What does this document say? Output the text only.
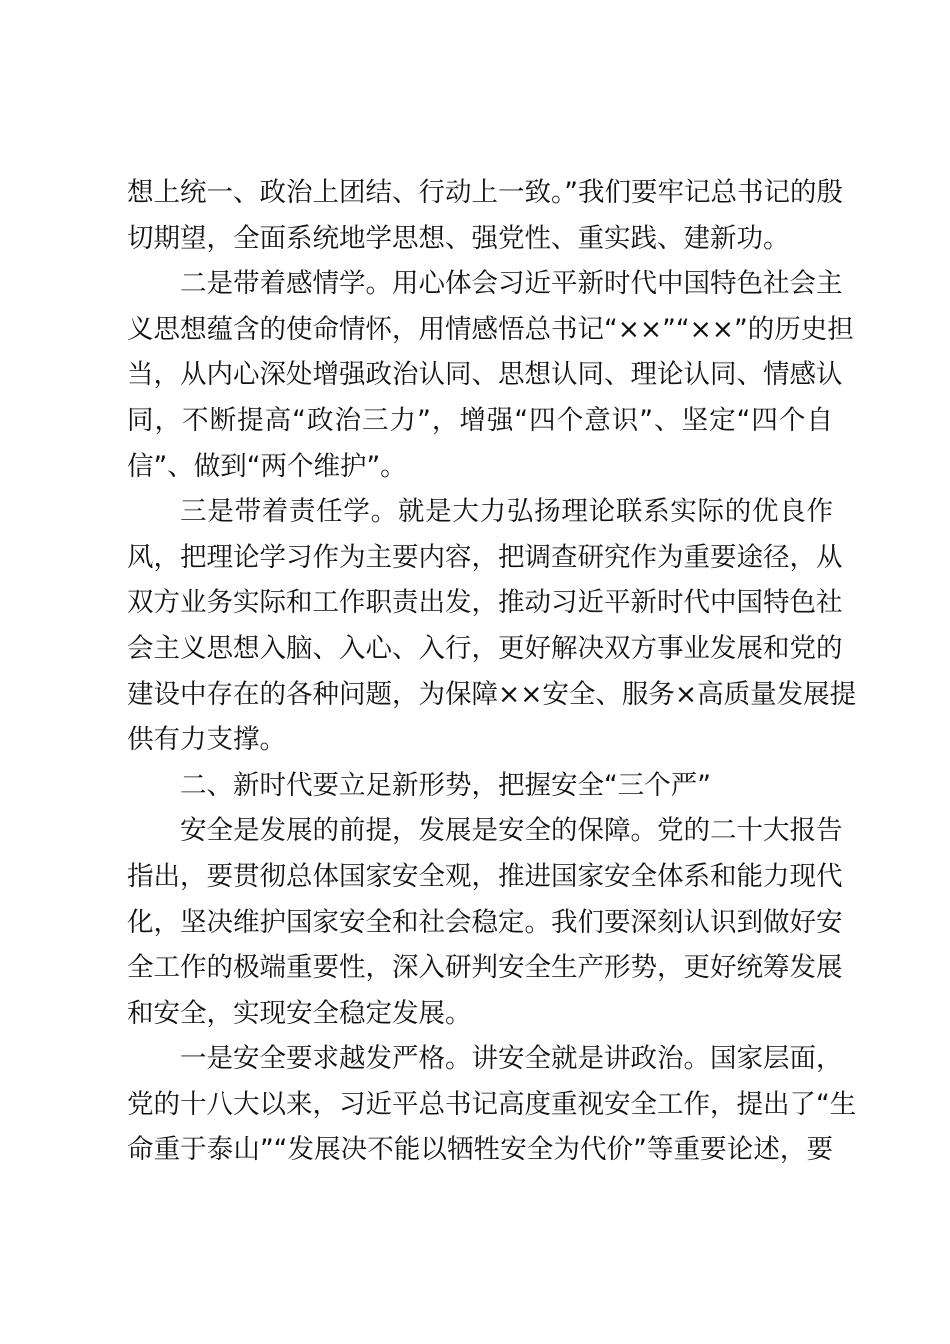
想上统一、政治上团结、行动上一致。”我们要牢记总书记的殷
切期望，全面系统地学思想、强党性、重实践、建新功。
二是带着感情学。用心体会习近平新时代中国特色社会主
义思想蕴含的使命情怀，用情感悟总书记“××”“××”的历史担
当，从内心深处增强政治认同、思想认同、理论认同、情感认
同，不断提高“政治三力”，增强“四个意识”、坚定“四个自
信”、做到“两个维护”。
三是带着责任学。就是大力弘扬理论联系实际的优良作
风，把理论学习作为主要内容，把调查研究作为重要途径，从
双方业务实际和工作职责出发，推动习近平新时代中国特色社
会主义思想入脑、入心、入行，更好解决双方事业发展和党的
建设中存在的各种问题，为保障××安全、服务×高质量发展提
供有力支撑。
二、新时代要立足新形势，把握安全“三个严”
安全是发展的前提，发展是安全的保障。党的二十大报告
指出，要贯彻总体国家安全观，推进国家安全体系和能力现代
化，坚决维护国家安全和社会稳定。我们要深刻认识到做好安
全工作的极端重要性，深入研判安全生产形势，更好统筹发展
和安全，实现安全稳定发展。
一是安全要求越发严格。讲安全就是讲政治。国家层面，
党的十八大以来，习近平总书记高度重视安全工作，提出了“生
命重于泰山”“发展决不能以牺牲安全为代价”等重要论述，要
